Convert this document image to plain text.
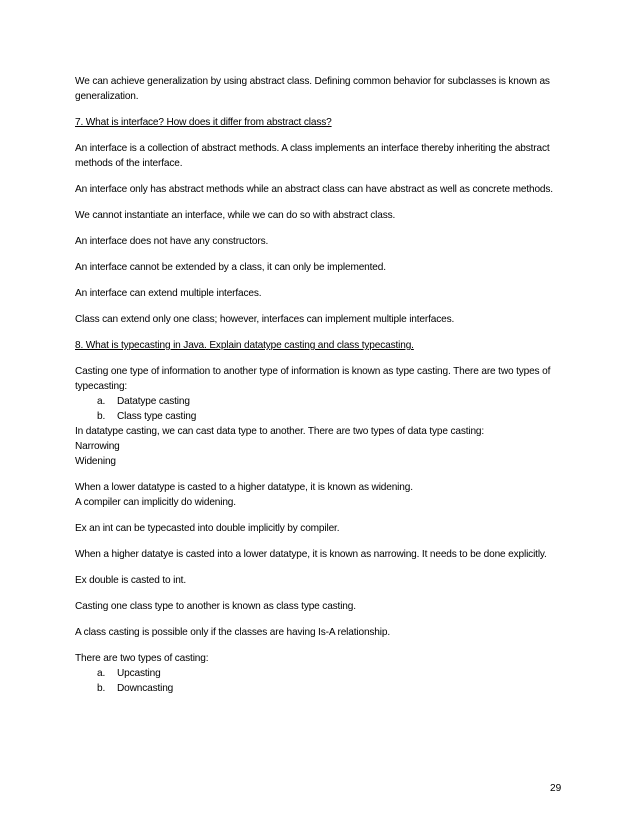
We can achieve generalization by using abstract class. Defining common behavior for subclasses is known as generalization.

7. What is interface? How does it differ from abstract class?

An interface is a collection of abstract methods. A class implements an interface thereby inheriting the abstract methods of the interface.

An interface only has abstract methods while an abstract class can have abstract as well as concrete methods.

We cannot instantiate an interface, while we can do so with abstract class.

An interface does not have any constructors.

An interface cannot be extended by a class, it can only be implemented.

An interface can extend multiple interfaces.

Class can extend only one class; however, interfaces can implement multiple interfaces.

8. What is typecasting in Java. Explain datatype casting and class typecasting.

Casting one type of information to another type of information is known as type casting. There are two types of typecasting:
a.	Datatype casting
b.	Class type casting
In datatype casting, we can cast data type to another. There are two types of data type casting:
Narrowing
Widening
When a lower datatype is casted to a higher datatype, it is known as widening.
A compiler can implicitly do widening.

Ex an int can be typecasted into double implicitly by compiler.

When a higher datatye is casted into a lower datatype, it is known as narrowing. It needs to be done explicitly.

Ex double is casted to int.

Casting one class type to another is known as class type casting.

A class casting is possible only if the classes are having Is-A relationship.

There are two types of casting:
a.	Upcasting
b.	Downcasting
29
